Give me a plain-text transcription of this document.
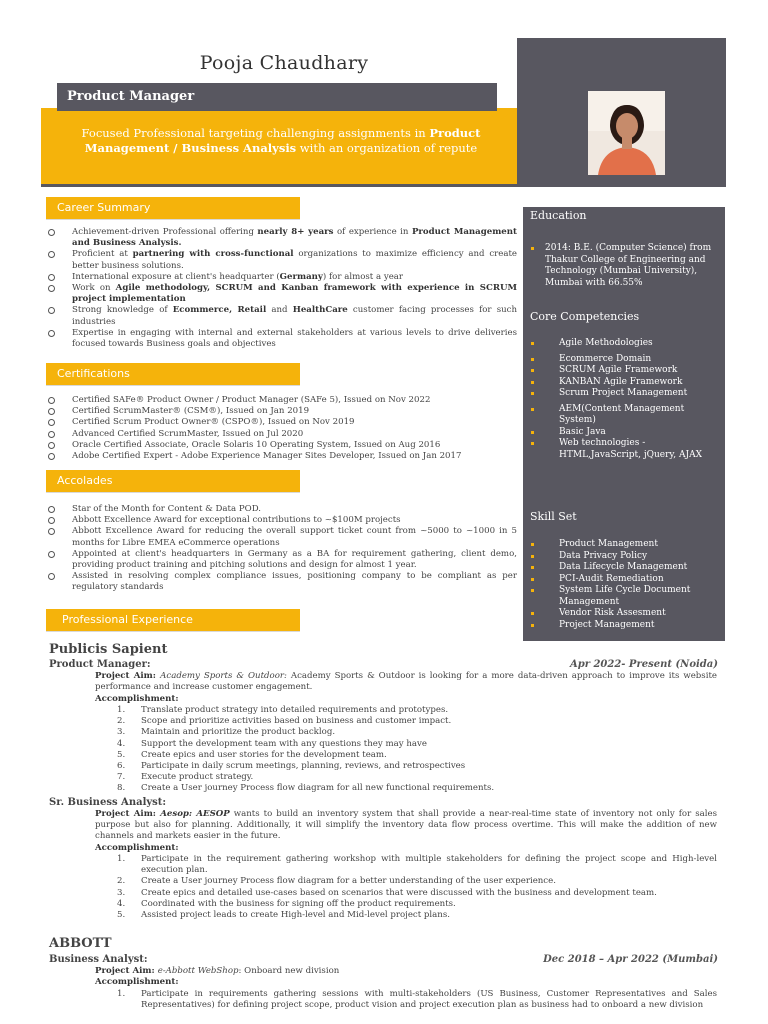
Pooja Chaudhary
Product Manager
Focused Professional targeting challenging assignments in Product Management / Business Analysis with an organization of repute
Education
2014: B.E. (Computer Science) from Thakur College of Engineering and Technology (Mumbai University), Mumbai with 66.55%
Core Competencies
Agile Methodologies
Ecommerce Domain
SCRUM Agile Framework
KANBAN Agile Framework
Scrum Project Management
AEM(Content Management System)
Basic Java
Web technologies - HTML,JavaScript, jQuery, AJAX
Skill Set
Product Management
Data Privacy Policy
Data Lifecycle Management
PCI-Audit Remediation
System Life Cycle Document Management
Vendor Risk Assesment
Project Management
Career Summary
Achievement-driven Professional offering nearly 8+ years of experience in Product Management and Business Analysis.
Proficient at partnering with cross-functional organizations to maximize efficiency and create better business solutions.
International exposure at client's headquarter (Germany) for almost a year
Work on Agile methodology, SCRUM and Kanban framework with experience in SCRUM project implementation
Strong knowledge of Ecommerce, Retail and HealthCare customer facing processes for such industries
Expertise in engaging with internal and external stakeholders at various levels to drive deliveries focused towards Business goals and objectives
Certifications
Certified SAFe® Product Owner / Product Manager (SAFe 5), Issued on Nov 2022
Certified ScrumMaster® (CSM®), Issued on Jan 2019
Certified Scrum Product Owner® (CSPO®), Issued on Nov 2019
Advanced Certified ScrumMaster, Issued on Jul 2020
Oracle Certified Associate, Oracle Solaris 10 Operating System, Issued on Aug 2016
Adobe Certified Expert - Adobe Experience Manager Sites Developer, Issued on Jan 2017
Accolades
Star of the Month for Content & Data POD.
Abbott Excellence Award for exceptional contributions to ~$100M projects
Abbott Excellence Award for reducing the overall support ticket count from ~5000 to ~1000 in 5 months for Libre EMEA eCommerce operations
Appointed at client's headquarters in Germany as a BA for requirement gathering, client demo, providing product training and pitching solutions and design for almost 1 year.
Assisted in resolving complex compliance issues, positioning company to be compliant as per regulatory standards
Professional Experience
Publicis Sapient
Product Manager:	Apr 2022- Present (Noida)
Project Aim: Academy Sports & Outdoor: Academy Sports & Outdoor is looking for a more data-driven approach to improve its website performance and increase customer engagement.
Accomplishment:
1. Translate product strategy into detailed requirements and prototypes.
2. Scope and prioritize activities based on business and customer impact.
3. Maintain and prioritize the product backlog.
4. Support the development team with any questions they may have
5. Create epics and user stories for the development team.
6. Participate in daily scrum meetings, planning, reviews, and retrospectives
7. Execute product strategy.
8. Create a User journey Process flow diagram for all new functional requirements.
Sr. Business Analyst:
Project Aim: Aesop: AESOP wants to build an inventory system that shall provide a near-real-time state of inventory not only for sales purpose but also for planning. Additionally, it will simplify the inventory data flow process overtime. This will make the addition of new channels and markets easier in the future.
Accomplishment:
1. Participate in the requirement gathering workshop with multiple stakeholders for defining the project scope and High-level execution plan.
2. Create a User journey Process flow diagram for a better understanding of the user experience.
3. Create epics and detailed use-cases based on scenarios that were discussed with the business and development team.
4. Coordinated with the business for signing off the product requirements.
5. Assisted project leads to create High-level and Mid-level project plans.
ABBOTT
Business Analyst:	Dec 2018 – Apr 2022 (Mumbai)
Project Aim: e-Abbott WebShop: Onboard new division
Accomplishment:
1. Participate in requirements gathering sessions with multi-stakeholders (US Business, Customer Representatives and Sales Representatives) for defining project scope, product vision and project execution plan as business had to onboard a new division
